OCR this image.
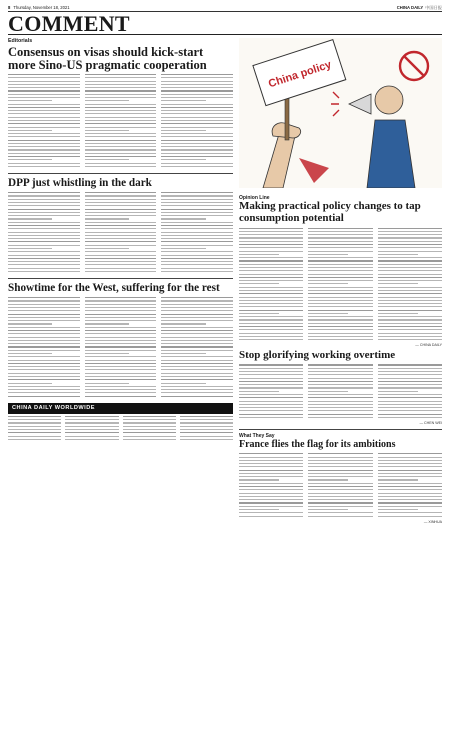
8 Thursday, November 18, 2021	CHINA DAILY 中国日报
COMMENT
Editorials
Consensus on visas should kick-start more Sino-US pragmatic cooperation
DPP just whistling in the dark
Showtime for the West, suffering for the rest
CHINA DAILY WORLDWIDE
China policy
Opinion Line
Making practical policy changes to tap consumption potential
— CHINA DAILY
Stop glorifying working overtime
— CHEN WEI
What They Say
France flies the flag for its ambitions
— XINHUA
